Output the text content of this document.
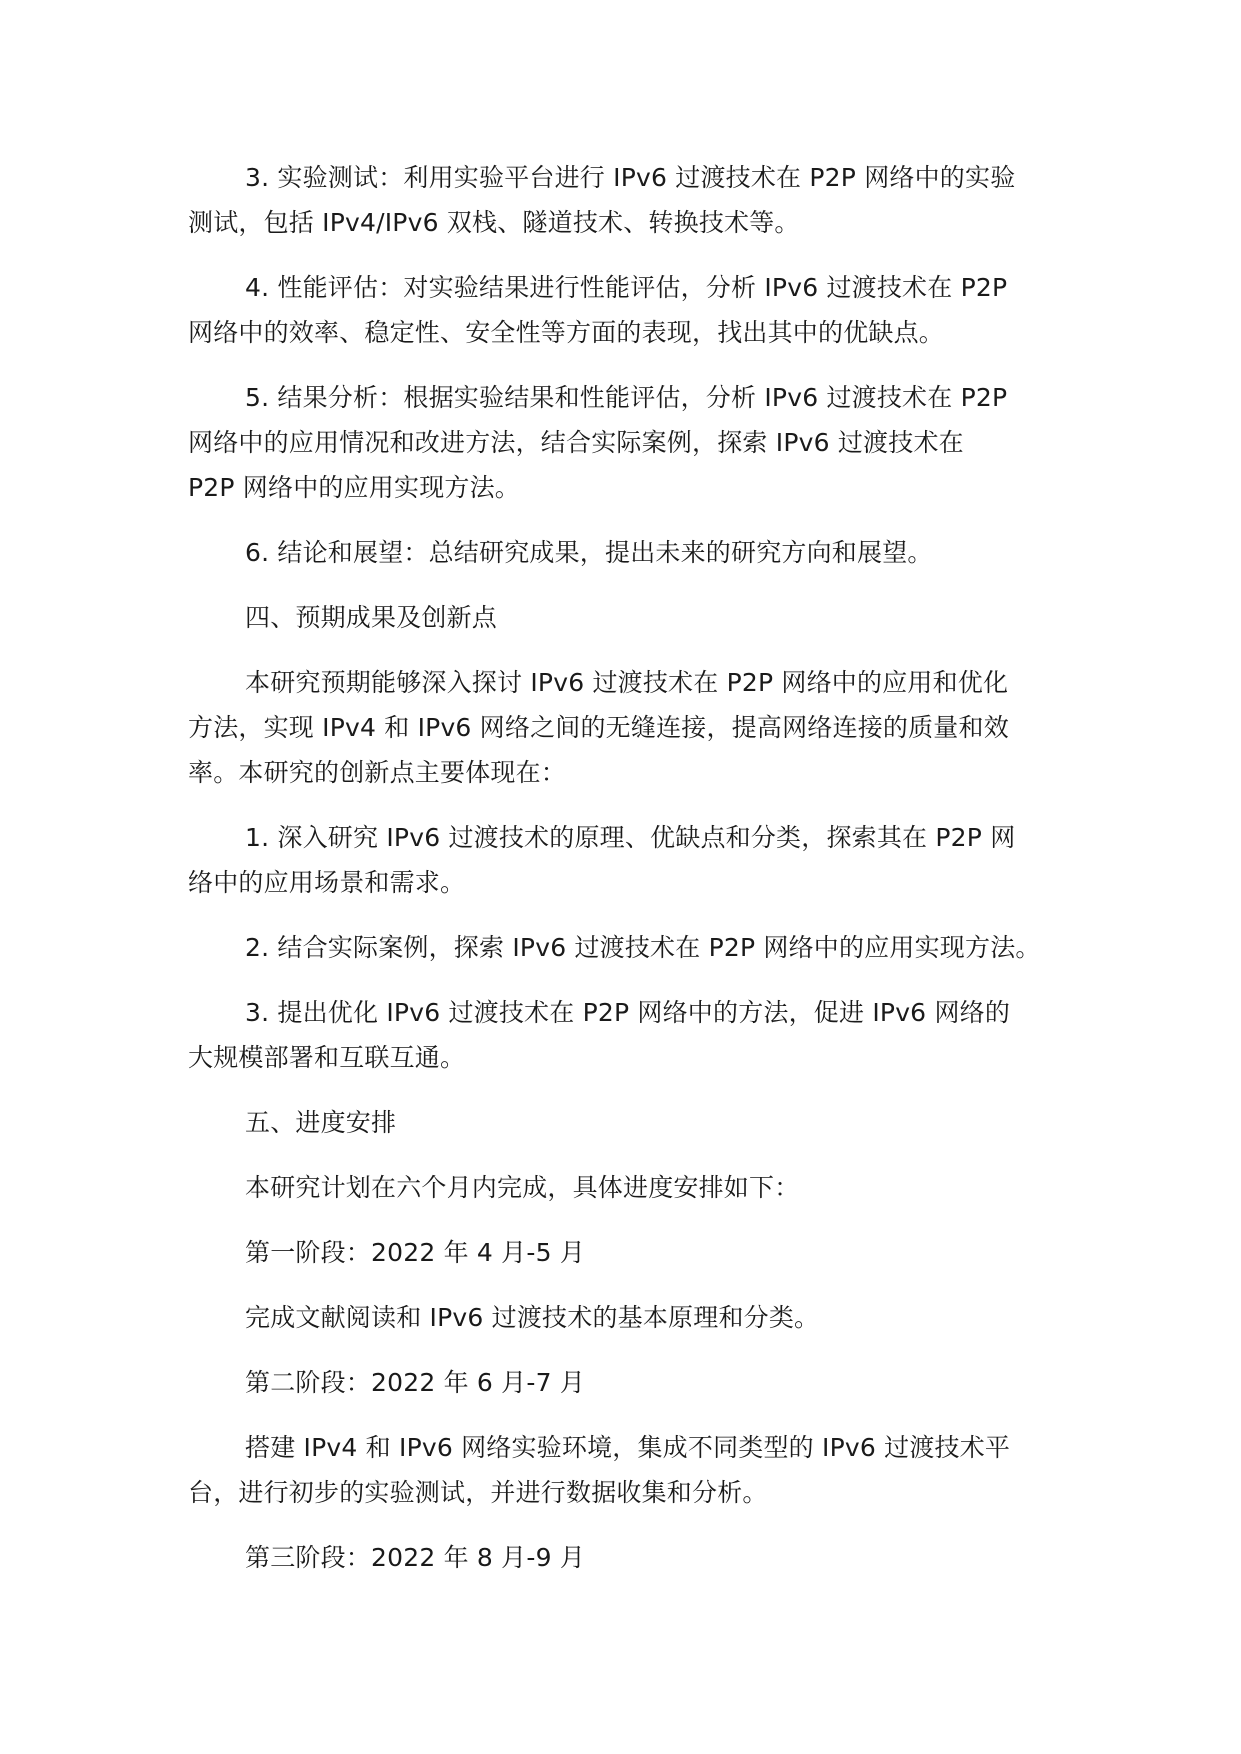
3. 实验测试：利用实验平台进行 IPv6 过渡技术在 P2P 网络中的实验
测试，包括 IPv4/IPv6 双栈、隧道技术、转换技术等。

4. 性能评估：对实验结果进行性能评估，分析 IPv6 过渡技术在 P2P
网络中的效率、稳定性、安全性等方面的表现，找出其中的优缺点。

5. 结果分析：根据实验结果和性能评估，分析 IPv6 过渡技术在 P2P
网络中的应用情况和改进方法，结合实际案例，探索 IPv6 过渡技术在
P2P 网络中的应用实现方法。

6. 结论和展望：总结研究成果，提出未来的研究方向和展望。

四、预期成果及创新点

本研究预期能够深入探讨 IPv6 过渡技术在 P2P 网络中的应用和优化
方法，实现 IPv4 和 IPv6 网络之间的无缝连接，提高网络连接的质量和效
率。本研究的创新点主要体现在：

1. 深入研究 IPv6 过渡技术的原理、优缺点和分类，探索其在 P2P 网
络中的应用场景和需求。

2. 结合实际案例，探索 IPv6 过渡技术在 P2P 网络中的应用实现方法。

3. 提出优化 IPv6 过渡技术在 P2P 网络中的方法，促进 IPv6 网络的
大规模部署和互联互通。

五、进度安排

本研究计划在六个月内完成，具体进度安排如下：

第一阶段：2022 年 4 月-5 月

完成文献阅读和 IPv6 过渡技术的基本原理和分类。

第二阶段：2022 年 6 月-7 月

搭建 IPv4 和 IPv6 网络实验环境，集成不同类型的 IPv6 过渡技术平
台，进行初步的实验测试，并进行数据收集和分析。

第三阶段：2022 年 8 月-9 月
